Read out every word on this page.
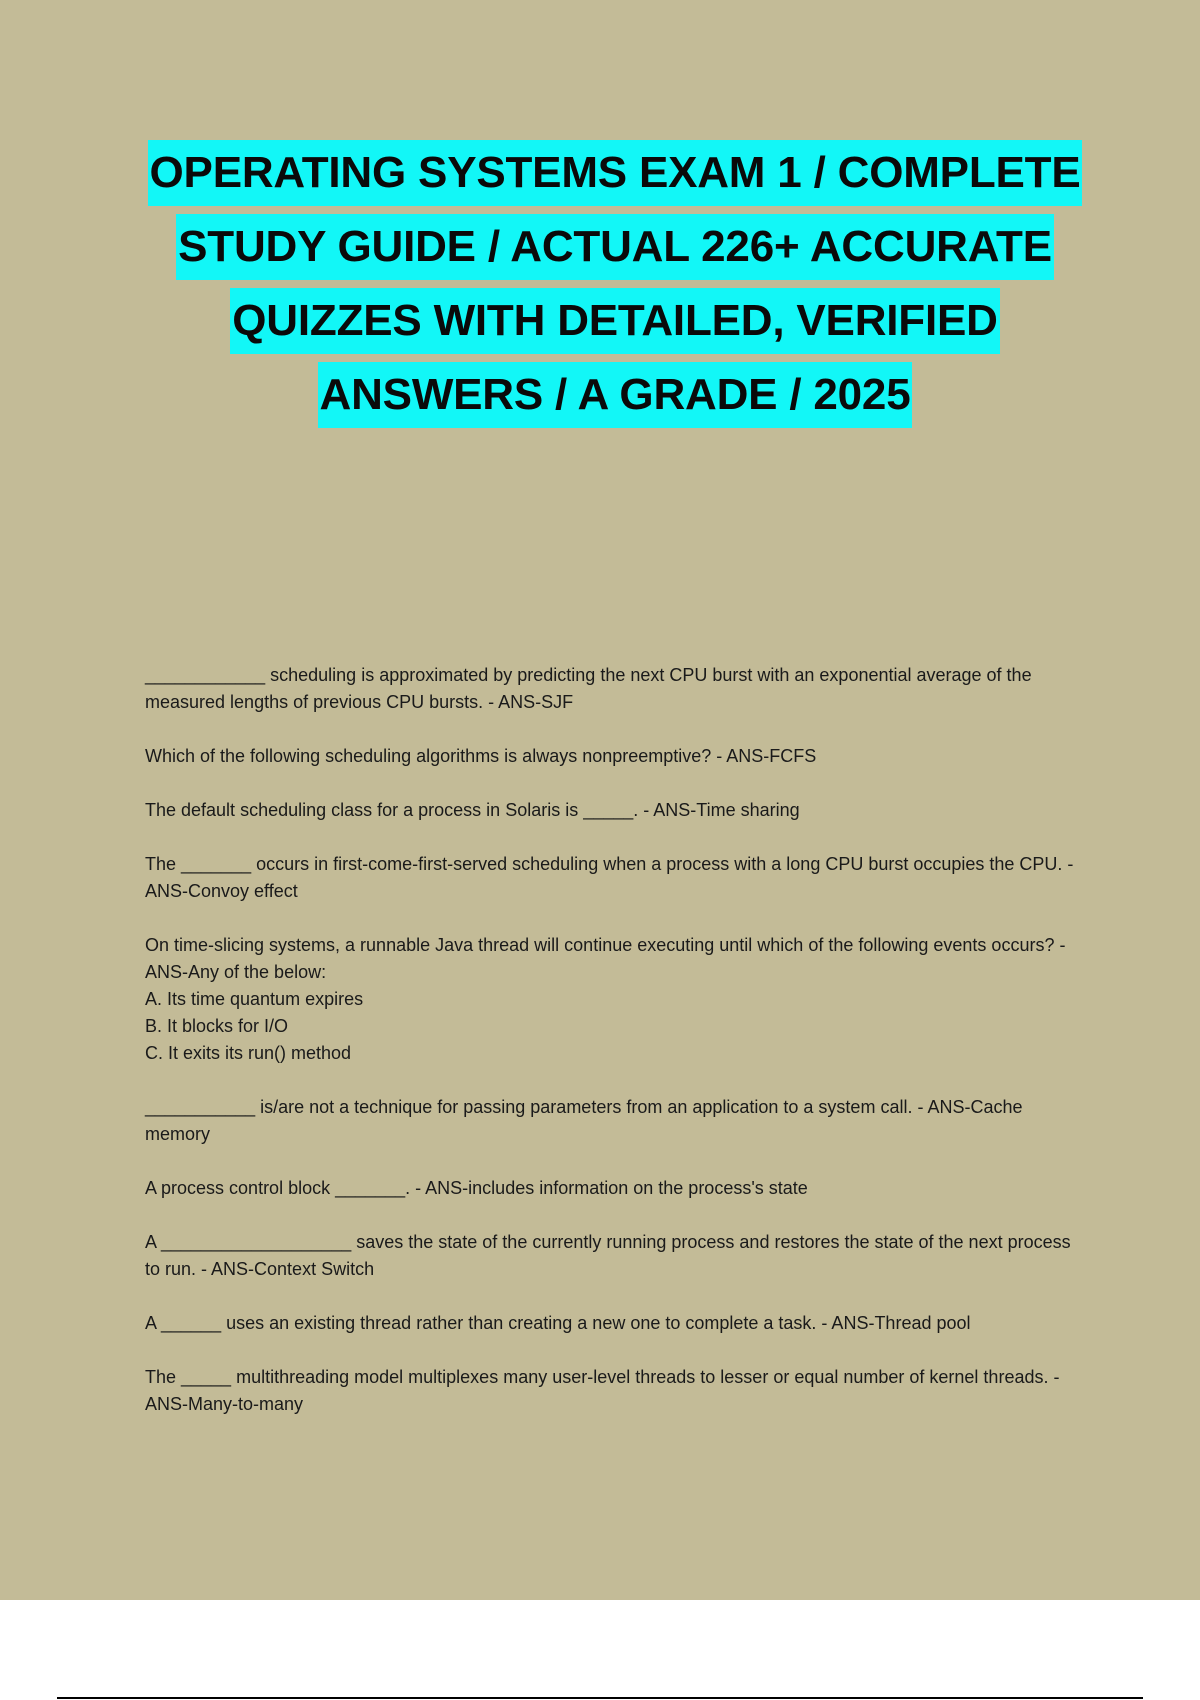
OPERATING SYSTEMS EXAM 1 / COMPLETE
STUDY GUIDE / ACTUAL 226+ ACCURATE
QUIZZES WITH DETAILED, VERIFIED
ANSWERS / A GRADE / 2025
____________ scheduling is approximated by predicting the next CPU burst with an exponential average of the measured lengths of previous CPU bursts. - ANS-SJF
Which of the following scheduling algorithms is always nonpreemptive? - ANS-FCFS
The default scheduling class for a process in Solaris is _____. - ANS-Time sharing
The _______ occurs in first-come-first-served scheduling when a process with a long CPU burst occupies the CPU. - ANS-Convoy effect
On time-slicing systems, a runnable Java thread will continue executing until which of the following events occurs? - ANS-Any of the below:
A. Its time quantum expires
B. It blocks for I/O
C. It exits its run() method
___________ is/are not a technique for passing parameters from an application to a system call. - ANS-Cache memory
A process control block _______. - ANS-includes information on the process's state
A ___________________ saves the state of the currently running process and restores the state of the next process to run. - ANS-Context Switch
A ______ uses an existing thread rather than creating a new one to complete a task. - ANS-Thread pool
The _____ multithreading model multiplexes many user-level threads to lesser or equal number of kernel threads. - ANS-Many-to-many
